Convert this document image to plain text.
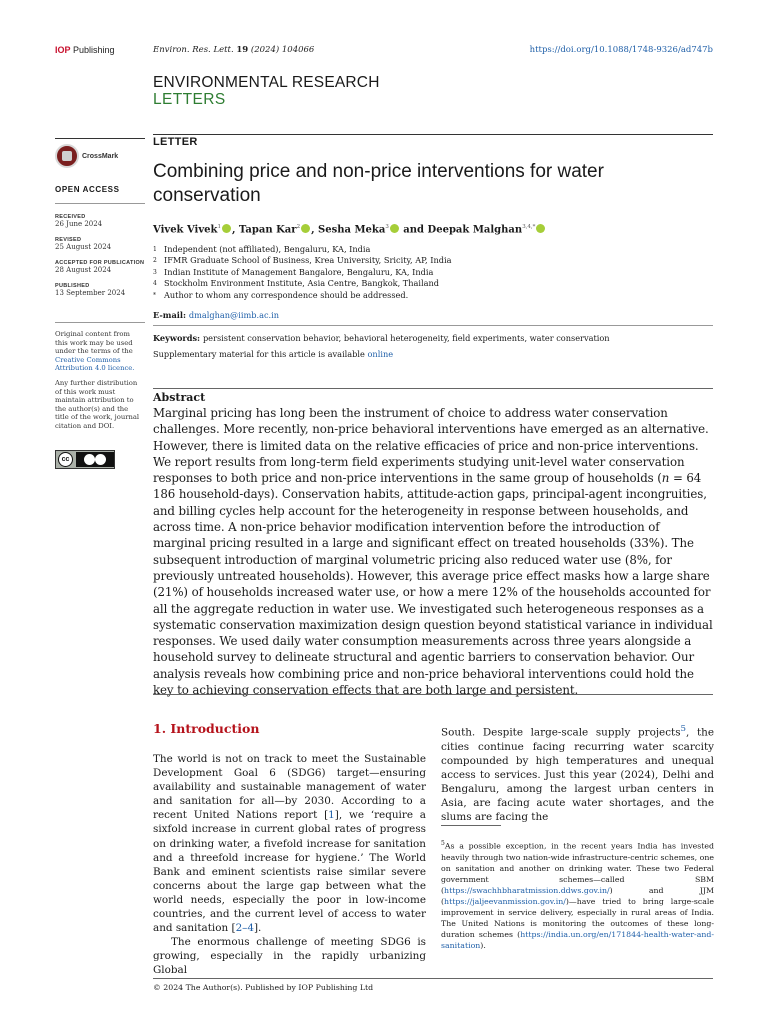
IOP Publishing	Environ. Res. Lett. 19 (2024) 104066	https://doi.org/10.1088/1748-9326/ad747b
ENVIRONMENTAL RESEARCH
LETTERS
CrossMark
OPEN ACCESS
RECEIVED
26 June 2024
REVISED
25 August 2024
ACCEPTED FOR PUBLICATION
28 August 2024
PUBLISHED
13 September 2024

Original content from this work may be used under the terms of the Creative Commons Attribution 4.0 licence.

Any further distribution of this work must maintain attribution to the author(s) and the title of the work, journal citation and DOI.

cc
LETTER
Combining price and non-price interventions for water conservation
Vivek Vivek$^1$ , Tapan Kar$^2$ , Sesha Meka$^3$ and Deepak Malghan$^{3,4,*}$
1 Independent (not affiliated), Bengaluru, KA, India
2 IFMR Graduate School of Business, Krea University, Sricity, AP, India
3 Indian Institute of Management Bangalore, Bengaluru, KA, India
4 Stockholm Environment Institute, Asia Centre, Bangkok, Thailand
* Author to whom any correspondence should be addressed.
E-mail: dmalghan@iimb.ac.in
Keywords: persistent conservation behavior, behavioral heterogeneity, field experiments, water conservation
Supplementary material for this article is available online
Abstract
Marginal pricing has long been the instrument of choice to address water conservation challenges. More recently, non-price behavioral interventions have emerged as an alternative. However, there is limited data on the relative efficacies of price and non-price interventions. We report results from long-term field experiments studying unit-level water conservation responses to both price and non-price interventions in the same group of households (n = 64 186 household-days). Conservation habits, attitude-action gaps, principal-agent incongruities, and billing cycles help account for the heterogeneity in response between households, and across time. A non-price behavior modification intervention before the introduction of marginal pricing resulted in a large and significant effect on treated households (33%). The subsequent introduction of marginal volumetric pricing also reduced water use (8%, for previously untreated households). However, this average price effect masks how a large share (21%) of households increased water use, or how a mere 12% of the households accounted for all the aggregate reduction in water use. We investigated such heterogeneous responses as a systematic conservation maximization design question beyond statistical variance in individual responses. We used daily water consumption measurements across three years alongside a household survey to delineate structural and agentic barriers to conservation behavior. Our analysis reveals how combining price and non-price behavioral interventions could hold the key to achieving conservation effects that are both large and persistent.
1. Introduction

The world is not on track to meet the Sustainable Development Goal 6 (SDG6) target—ensuring availability and sustainable management of water and sanitation for all—by 2030. According to a recent United Nations report [1], we ‘require a sixfold increase in current global rates of progress on drinking water, a fivefold increase for sanitation and a threefold increase for hygiene.’ The World Bank and eminent scientists raise similar severe concerns about the large gap between what the world needs, especially the poor in low-income countries, and the current level of access to water and sanitation [2–4].

The enormous challenge of meeting SDG6 is growing, especially in the rapidly urbanizing Global

South. Despite large-scale supply projects$^5$, the cities continue facing recurring water scarcity compounded by high temperatures and unequal access to services. Just this year (2024), Delhi and Bengaluru, among the largest urban centers in Asia, are facing acute water shortages, and the slums are facing the

$^5$As a possible exception, in the recent years India has invested heavily through two nation-wide infrastructure-centric schemes, one on sanitation and another on drinking water. These two Federal government schemes—called SBM (https://swachhbharatmission.ddws.gov.in/) and JJM (https://jaljeevanmission.gov.in/)—have tried to bring large-scale improvement in service delivery, especially in rural areas of India. The United Nations is monitoring the outcomes of these long-duration schemes (https://india.un.org/en/171844-health-water-and-sanitation).
© 2024 The Author(s). Published by IOP Publishing Ltd
